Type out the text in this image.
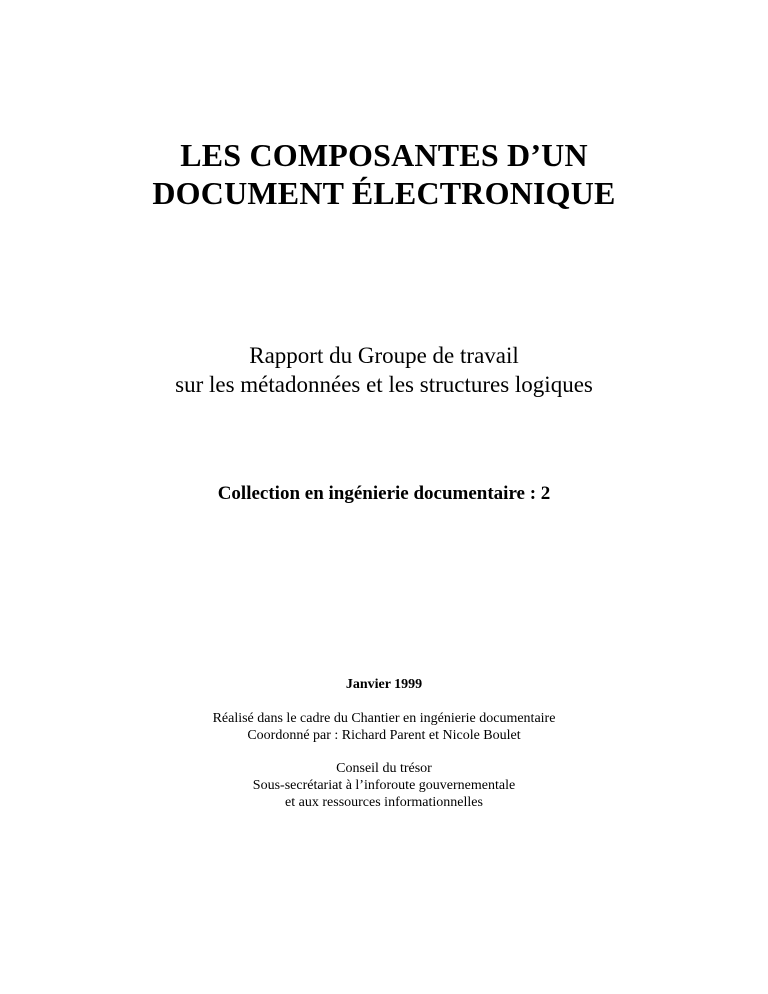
LES COMPOSANTES D’UN
DOCUMENT ÉLECTRONIQUE
Rapport du Groupe de travail
sur les métadonnées et les structures logiques
Collection en ingénierie documentaire : 2
Janvier 1999
Réalisé dans le cadre du Chantier en ingénierie documentaire
Coordonné par : Richard Parent et Nicole Boulet
Conseil du trésor
Sous-secrétariat à l’inforoute gouvernementale
et aux ressources informationnelles
